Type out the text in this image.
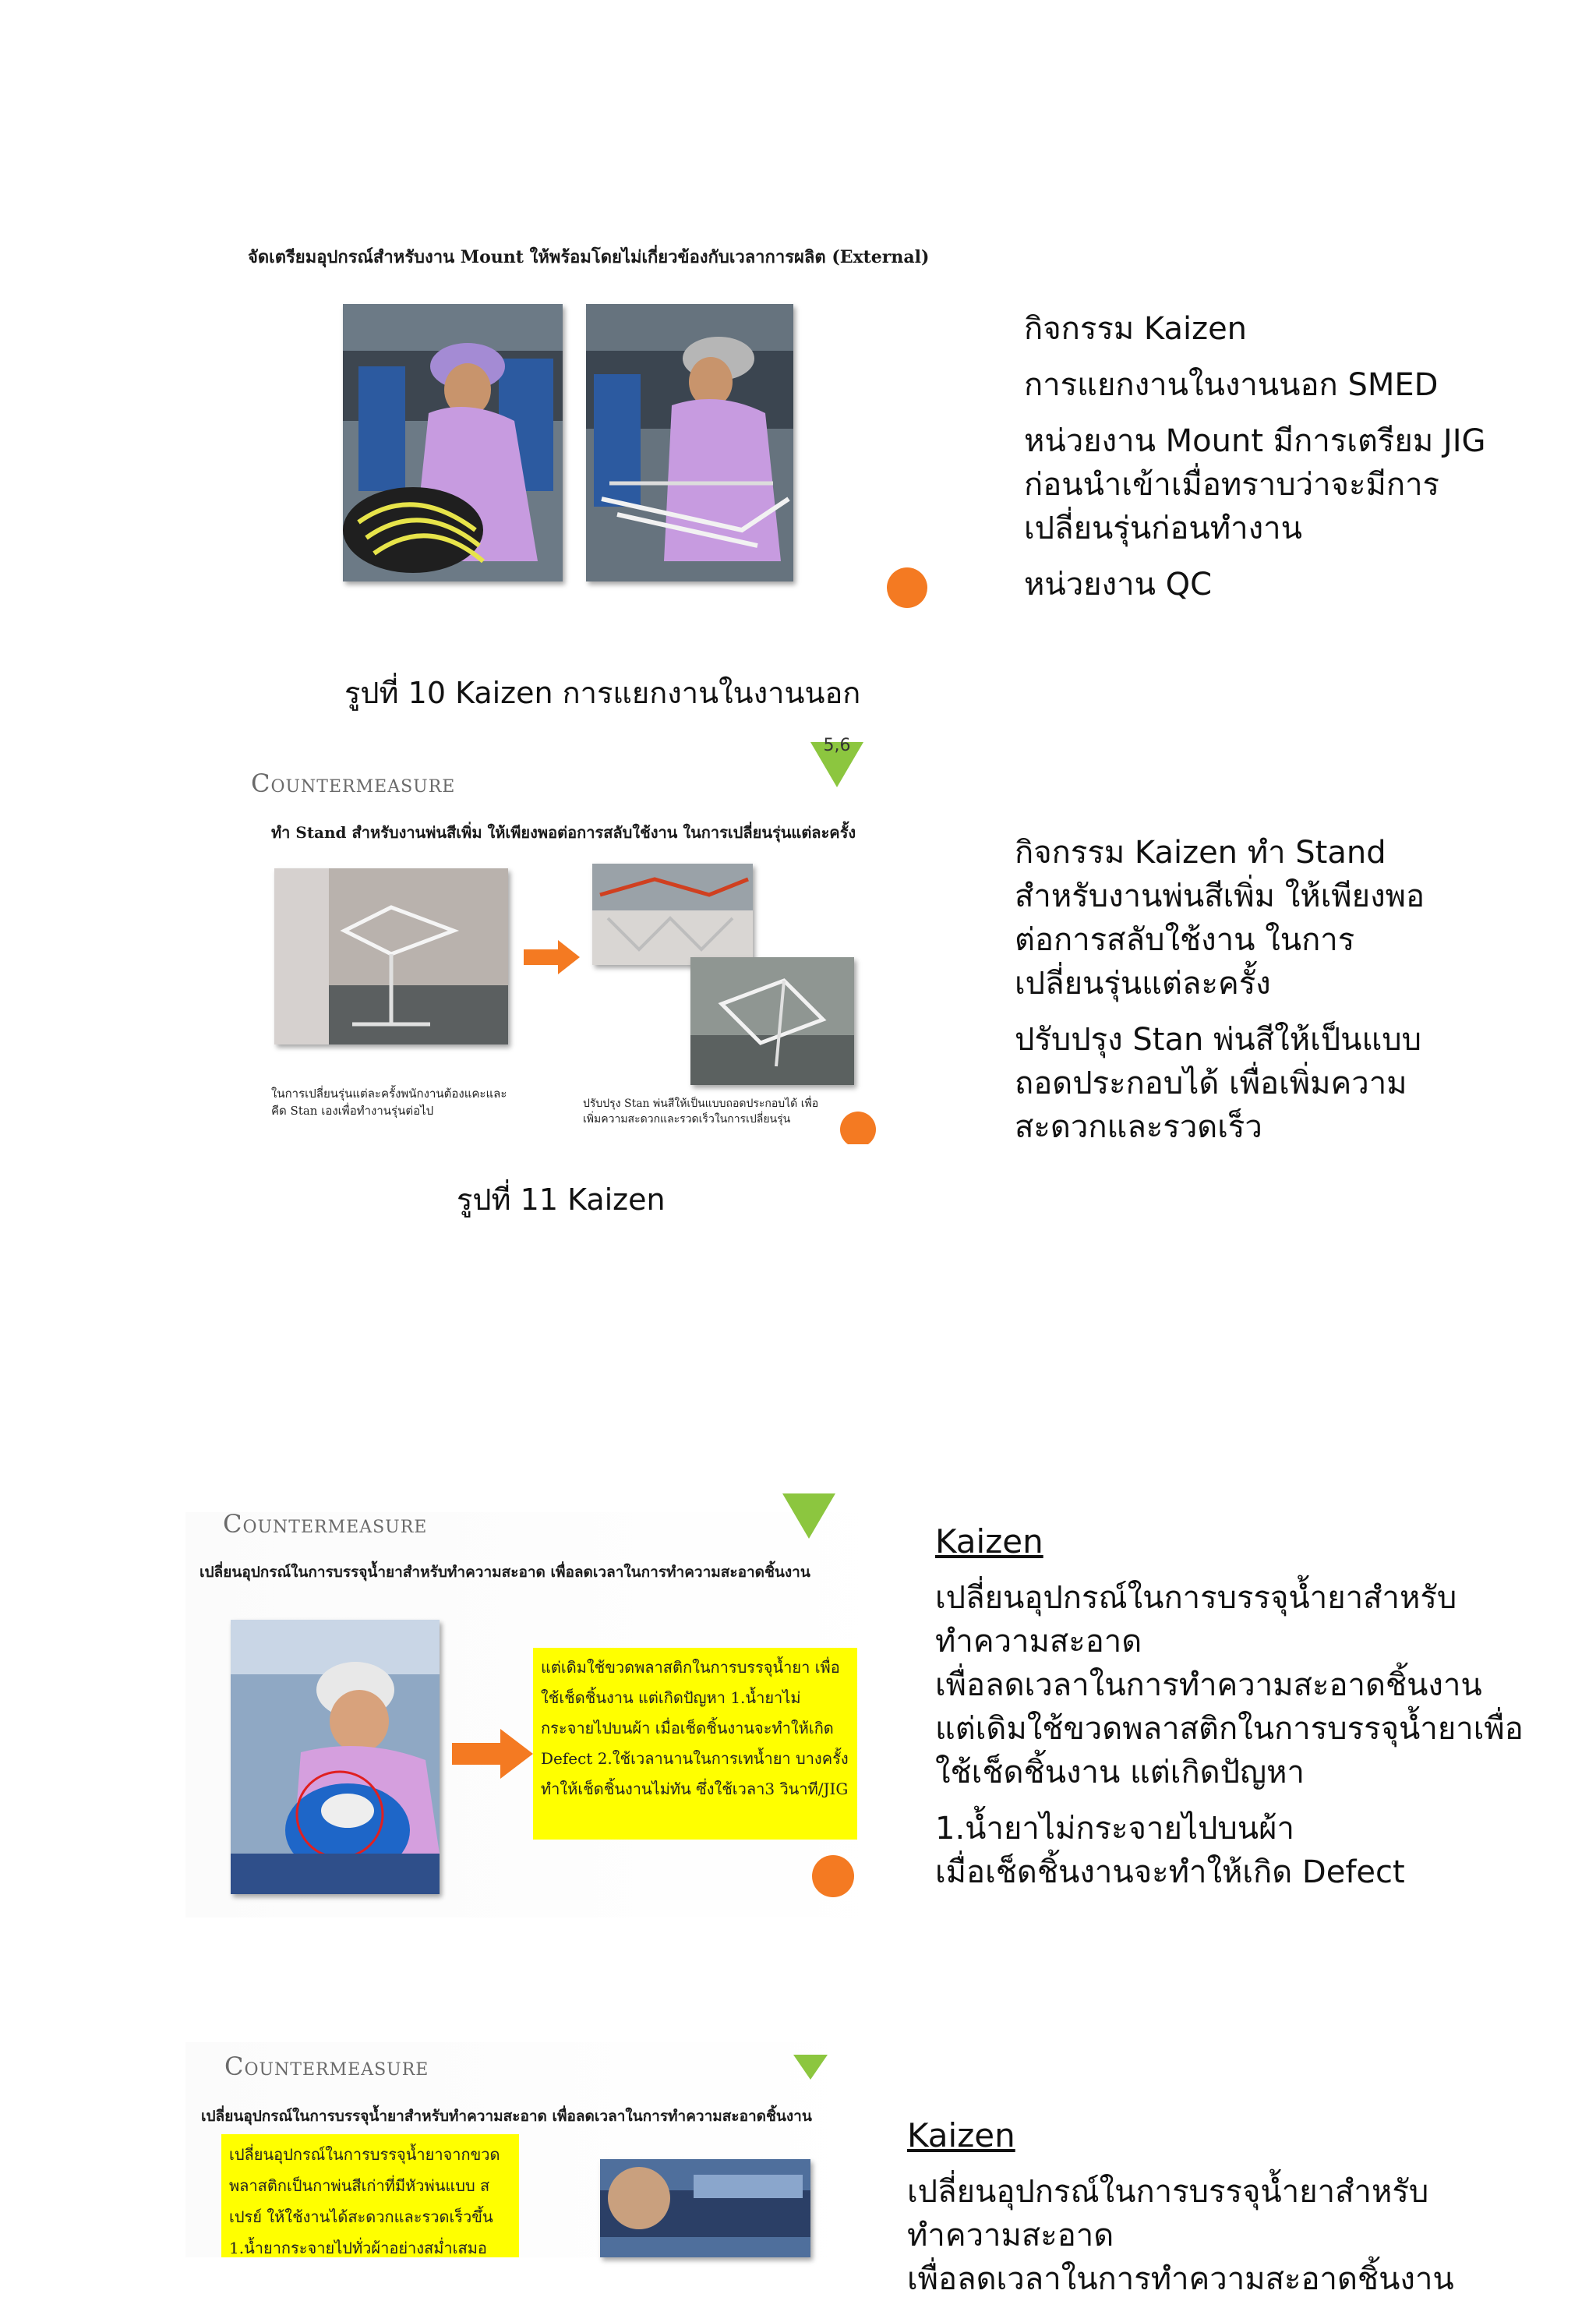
จัดเตรียมอุปกรณ์สำหรับงาน Mount ให้พร้อมโดยไม่เกี่ยวข้องกับเวลาการผลิต (External)
รูปที่ 10 Kaizen การแยกงานในงานนอก

กิจกรรม Kaizen

การแยกงานในงานนอก SMED

หน่วยงาน Mount มีการเตรียม JIG ก่อนนำเข้าเมื่อทราบว่าจะมีการเปลี่ยนรุ่นก่อนทำงาน

หน่วยงาน QC

Countermeasure
5,6
ทำ Stand สำหรับงานพ่นสีเพิ่ม ให้เพียงพอต่อการสลับใช้งาน ในการเปลี่ยนรุ่นแต่ละครั้ง
ในการเปลี่ยนรุ่นแต่ละครั้งพนักงานต้องแคะและคีด Stan เองเพื่อทำงานรุ่นต่อไป	ปรับปรุง Stan พ่นสีให้เป็นแบบถอดประกอบได้ เพื่อเพิ่มความสะดวกและรวดเร็วในการเปลี่ยนรุ่น
รูปที่ 11 Kaizen

กิจกรรม Kaizen ทำ Stand สำหรับงานพ่นสีเพิ่ม ให้เพียงพอต่อการสลับใช้งาน ในการเปลี่ยนรุ่นแต่ละครั้ง

ปรับปรุง Stan พ่นสีให้เป็นแบบถอดประกอบได้ เพื่อเพิ่มความสะดวกและรวดเร็ว

Countermeasure
เปลี่ยนอุปกรณ์ในการบรรจุน้ำยาสำหรับทำความสะอาด เพื่อลดเวลาในการทำความสะอาดชิ้นงาน
แต่เดิมใช้ขวดพลาสติกในการบรรจุน้ำยา เพื่อใช้เช็ดชิ้นงาน แต่เกิดปัญหา 1.น้ำยาไม่กระจายไปบนผ้า เมื่อเช็ดชิ้นงานจะทำให้เกิด Defect 2.ใช้เวลานานในการเทน้ำยา บางครั้งทำให้เช็ดชิ้นงานไม่ทัน ซึ่งใช้เวลา3 วินาที/JIG

Kaizen

เปลี่ยนอุปกรณ์ในการบรรจุน้ำยาสำหรับทำความสะอาด

เพื่อลดเวลาในการทำความสะอาดชิ้นงาน

แต่เดิมใช้ขวดพลาสติกในการบรรจุน้ำยาเพื่อใช้เช็ดชิ้นงาน แต่เกิดปัญหา

1.น้ำยาไม่กระจายไปบนผ้า

เมื่อเช็ดชิ้นงานจะทำให้เกิด Defect

Countermeasure
เปลี่ยนอุปกรณ์ในการบรรจุน้ำยาสำหรับทำความสะอาด เพื่อลดเวลาในการทำความสะอาดชิ้นงาน
เปลี่ยนอุปกรณ์ในการบรรจุน้ำยาจากขวด พลาสติกเป็นกาพ่นสีเก่าที่มีหัวพ่นแบบ สเปรย์ ให้ใช้งานได้สะดวกและรวดเร็วขึ้น 1.น้ำยากระจายไปทั่วผ้าอย่างสม่ำเสมอ

Kaizen

เปลี่ยนอุปกรณ์ในการบรรจุน้ำยาสำหรับทำความสะอาด

เพื่อลดเวลาในการทำความสะอาดชิ้นงาน
